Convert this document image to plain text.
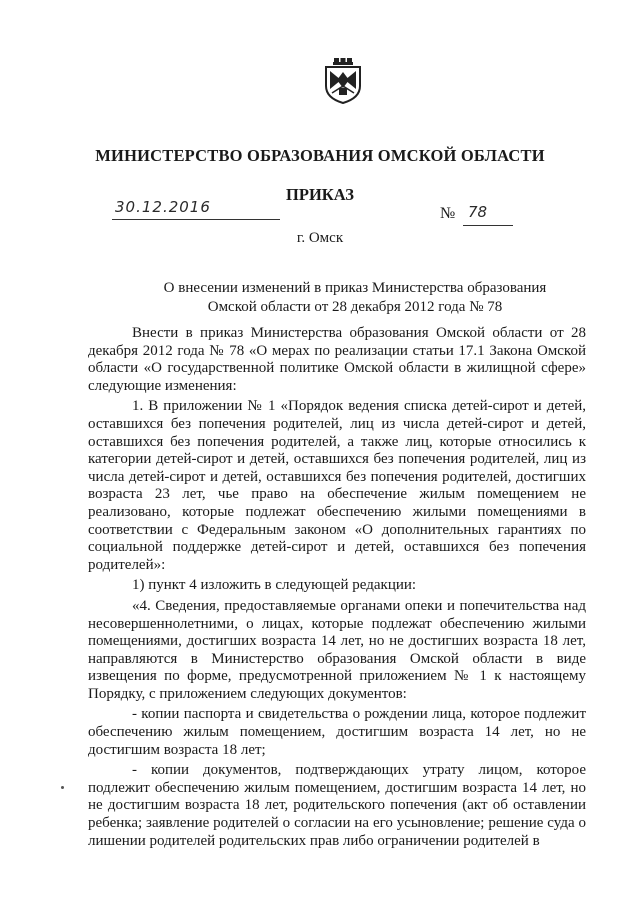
МИНИСТЕРСТВО ОБРАЗОВАНИЯ ОМСКОЙ ОБЛАСТИ
ПРИКАЗ
30.12.2016	№ 78
г. Омск
О внесении изменений в приказ Министерства образования
Омской области от 28 декабря 2012 года № 78

Внести в приказ Министерства образования Омской области от 28 декабря 2012 года № 78 «О мерах по реализации статьи 17.1 Закона Омской области «О государственной политике Омской области в жилищной сфере» следующие изменения:

1. В приложении № 1 «Порядок ведения списка детей-сирот и детей, оставшихся без попечения родителей, лиц из числа детей-сирот и детей, оставшихся без попечения родителей, а также лиц, которые относились к категории детей-сирот и детей, оставшихся без попечения родителей, лиц из числа детей-сирот и детей, оставшихся без попечения родителей, достигших возраста 23 лет, чье право на обеспечение жилым помещением не реализовано, которые подлежат обеспечению жилыми помещениями в соответствии с Федеральным законом «О дополнительных гарантиях по социальной поддержке детей-сирот и детей, оставшихся без попечения родителей»:

1) пункт 4 изложить в следующей редакции:

«4. Сведения, предоставляемые органами опеки и попечительства над несовершеннолетними, о лицах, которые подлежат обеспечению жилыми помещениями, достигших возраста 14 лет, но не достигших возраста 18 лет, направляются в Министерство образования Омской области в виде извещения по форме, предусмотренной приложением № 1 к настоящему Порядку, с приложением следующих документов:

- копии паспорта и свидетельства о рождении лица, которое подлежит обеспечению жилым помещением, достигшим возраста 14 лет, но не достигшим возраста 18 лет;

- копии документов, подтверждающих утрату лицом, которое подлежит обеспечению жилым помещением, достигшим возраста 14 лет, но не достигшим возраста 18 лет, родительского попечения (акт об оставлении ребенка; заявление родителей о согласии на его усыновление; решение суда о лишении родителей родительских прав либо ограничении родителей в
